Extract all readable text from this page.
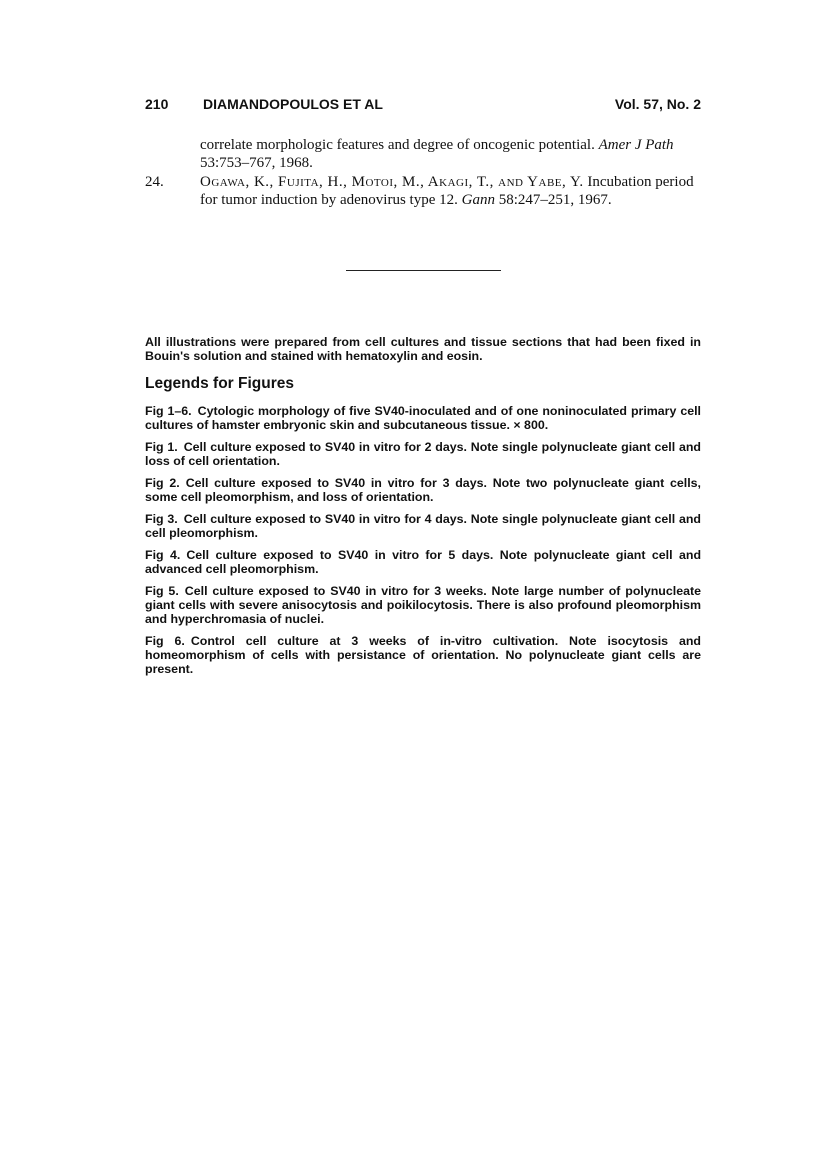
210 DIAMANDOPOULOS ET AL	Vol. 57, No. 2
correlate morphologic features and degree of oncogenic potential. Amer J Path 53:753–767, 1968.
24. Ogawa, K., Fujita, H., Motoi, M., Akagi, T., and Yabe, Y. Incubation period for tumor induction by adenovirus type 12. Gann 58:247–251, 1967.
All illustrations were prepared from cell cultures and tissue sections that had been fixed in Bouin's solution and stained with hematoxylin and eosin.
Legends for Figures
Fig 1–6. Cytologic morphology of five SV40-inoculated and of one noninoculated primary cell cultures of hamster embryonic skin and subcutaneous tissue. × 800.
Fig 1. Cell culture exposed to SV40 in vitro for 2 days. Note single polynucleate giant cell and loss of cell orientation.
Fig 2. Cell culture exposed to SV40 in vitro for 3 days. Note two polynucleate giant cells, some cell pleomorphism, and loss of orientation.
Fig 3. Cell culture exposed to SV40 in vitro for 4 days. Note single polynucleate giant cell and cell pleomorphism.
Fig 4. Cell culture exposed to SV40 in vitro for 5 days. Note polynucleate giant cell and advanced cell pleomorphism.
Fig 5. Cell culture exposed to SV40 in vitro for 3 weeks. Note large number of polynucleate giant cells with severe anisocytosis and poikilocytosis. There is also profound pleomorphism and hyperchromasia of nuclei.
Fig 6. Control cell culture at 3 weeks of in-vitro cultivation. Note isocytosis and homeomorphism of cells with persistance of orientation. No polynucleate giant cells are present.
